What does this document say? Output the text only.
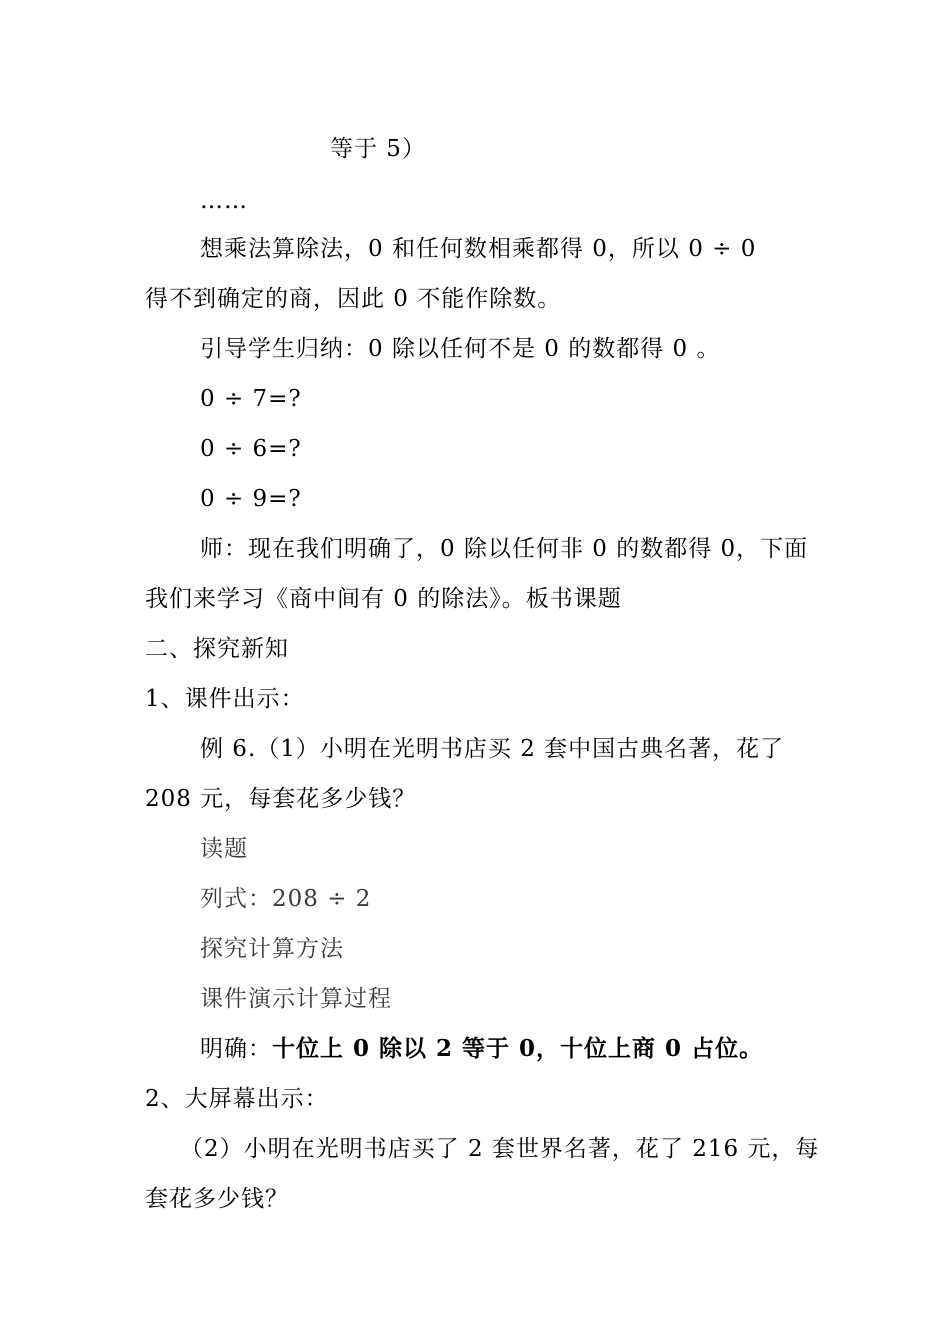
等于 5）
……
想乘法算除法，0 和任何数相乘都得 0，所以 0 ÷ 0
得不到确定的商，因此 0 不能作除数。
引导学生归纳：0 除以任何不是 0 的数都得 0 。
0 ÷ 7=?
0 ÷ 6=?
0 ÷ 9=?
师：现在我们明确了，0 除以任何非 0 的数都得 0，下面
我们来学习《商中间有 0 的除法》。板书课题
二、探究新知
1、课件出示：
例 6.（1）小明在光明书店买 2 套中国古典名著，花了
208 元，每套花多少钱？
读题
列式：208 ÷ 2
探究计算方法
课件演示计算过程
明确：十位上 0 除以 2 等于 0，十位上商 0 占位。
2、大屏幕出示：
（2）小明在光明书店买了 2 套世界名著，花了 216 元，每
套花多少钱？
